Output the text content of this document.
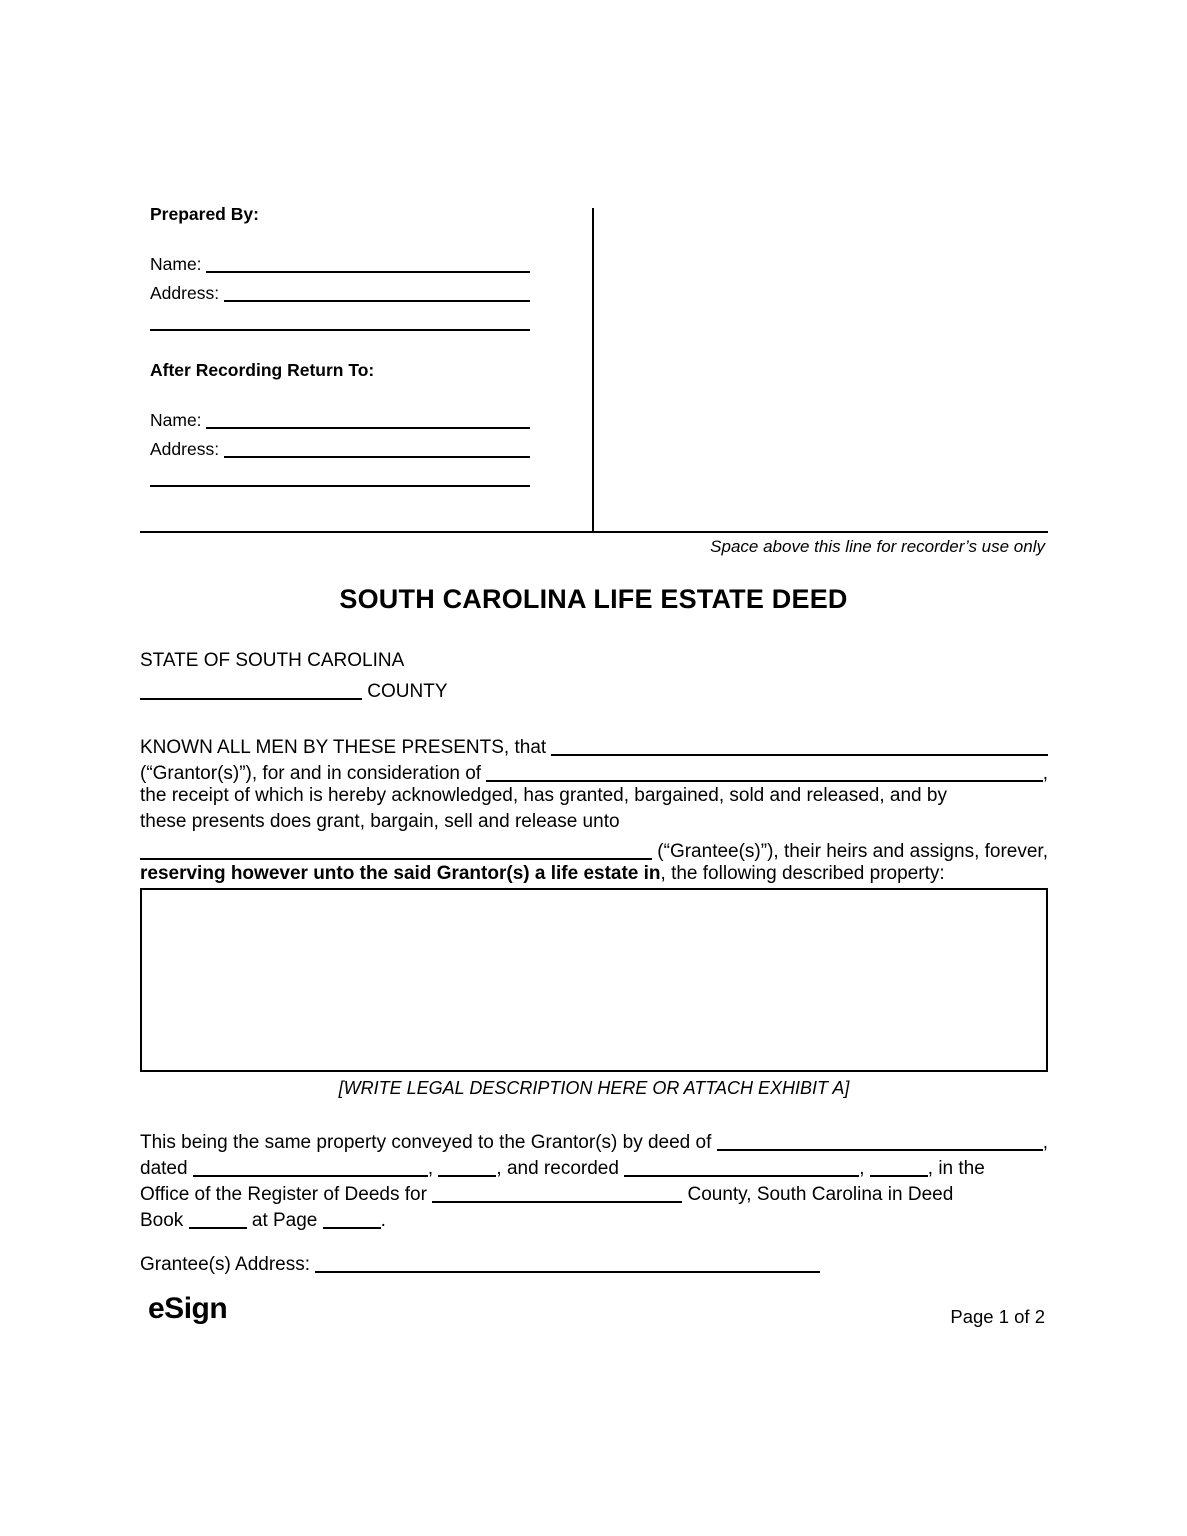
Prepared By:
Name:
Address:
After Recording Return To:
Name:
Address:
Space above this line for recorder’s use only
SOUTH CAROLINA LIFE ESTATE DEED
STATE OF SOUTH CAROLINA
COUNTY
KNOWN ALL MEN BY THESE PRESENTS, that
(“Grantor(s)”), for and in consideration of	,
the receipt of which is hereby acknowledged, has granted, bargained, sold and released, and by
these presents does grant, bargain, sell and release unto
(“Grantee(s)”), their heirs and assigns, forever,
reserving however unto the said Grantor(s) a life estate in , the following described property:
[WRITE LEGAL DESCRIPTION HERE OR ATTACH EXHIBIT A]
This being the same property conveyed to the Grantor(s) by deed of	,
dated	,	, and recorded	,	, in the
Office of the Register of Deeds for	County, South Carolina in Deed
Book	at Page	.
Grantee(s) Address:
eSign	Page 1 of 2
